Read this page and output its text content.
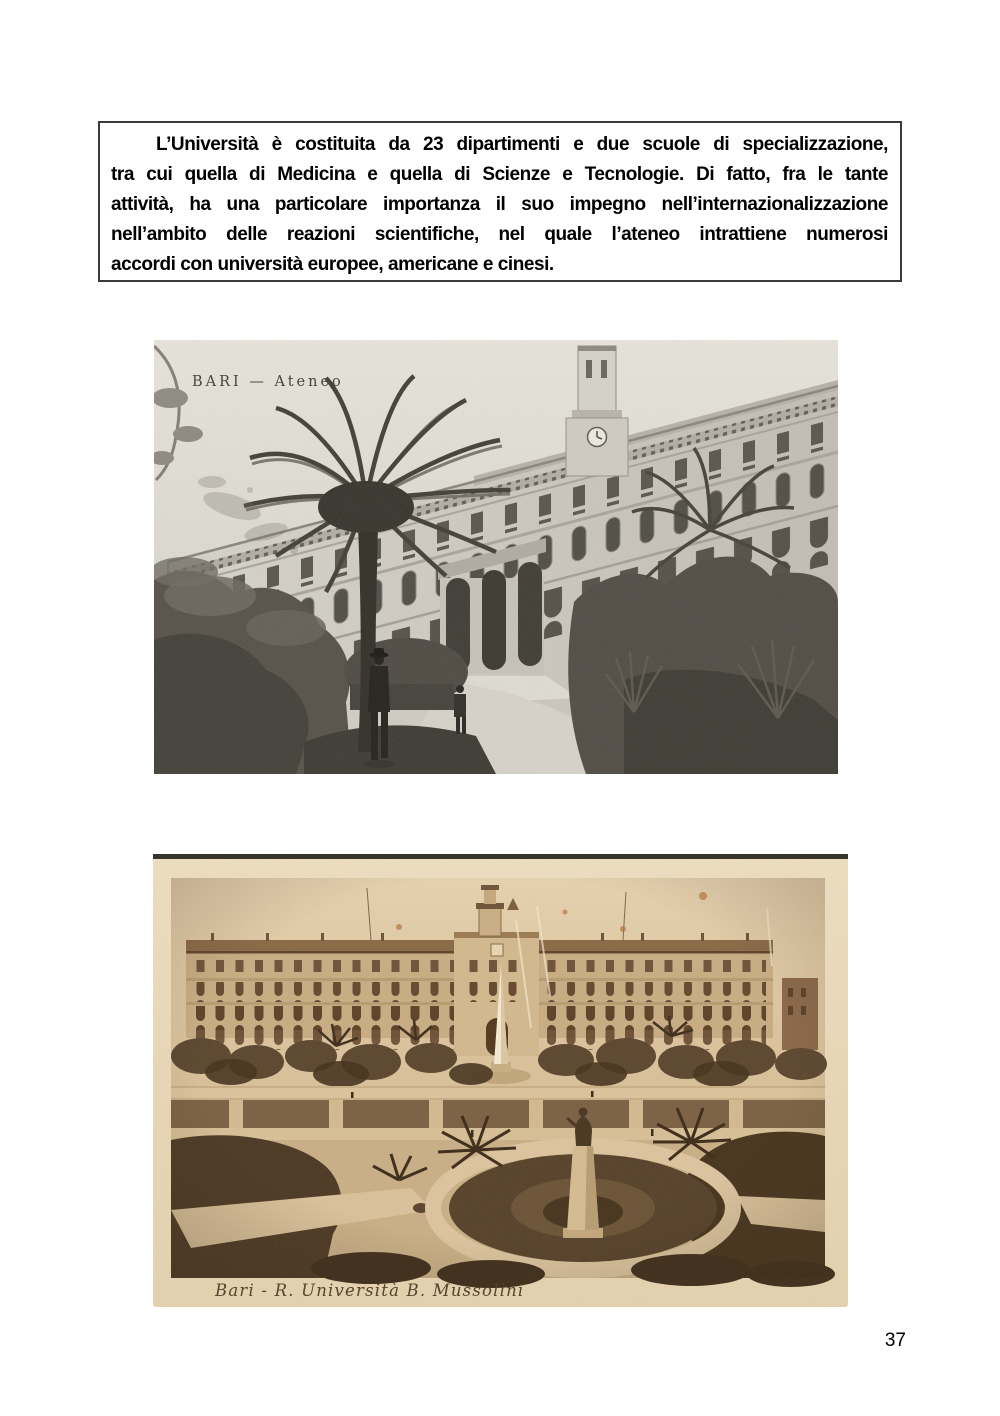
L’Università è costituita da 23 dipartimenti e due scuole di specializzazione,

tra cui quella di Medicina e quella di Scienze e Tecnologie. Di fatto, fra le tante

attività, ha una particolare importanza il suo impegno nell’internazionalizzazione

nell’ambito delle reazioni scientifiche, nel quale l’ateneo intrattiene numerosi

accordi con università europee, americane e cinesi.

BARI — Ateneo
Bari - R. Università B. Mussolini
37
